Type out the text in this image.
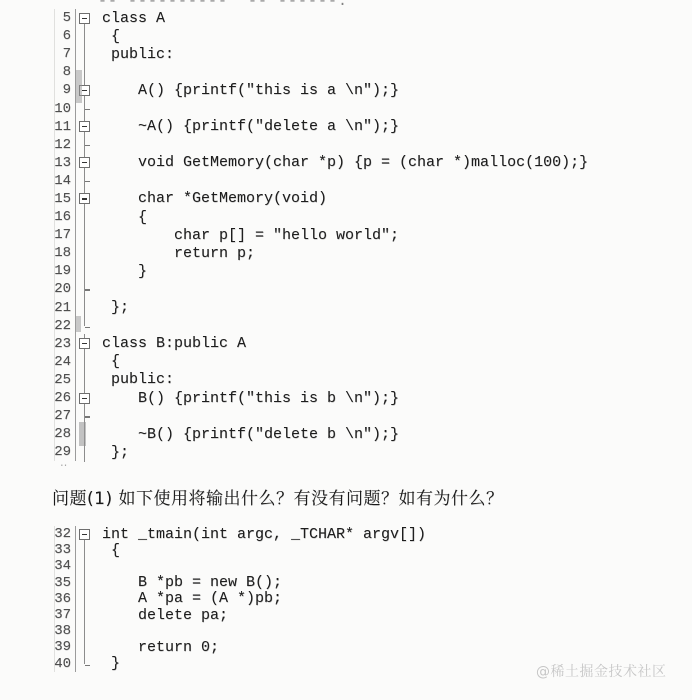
-- ----------  -- ------.
5	class A
6	{
7	public:
8
9	A() {printf("this is a \n");}
10
11	~A() {printf("delete a \n");}
12
13	void GetMemory(char *p) {p = (char *)malloc(100);}
14
15	char *GetMemory(void)
16	{
17	char p[] = "hello world";
18	return p;
19	}
20
21	};
22
23	class B:public A
24	{
25	public:
26	B() {printf("this is b \n");}
27
28	~B() {printf("delete b \n");}
29	};
‥
问题(1) 如下使用将输出什么？有没有问题？如有为什么？
32	int _tmain(int argc, _TCHAR* argv[])
33	{
34
35	B *pb = new B();
36	A *pa = (A *)pb;
37	delete pa;
38
39	return 0;
40	}	@稀土掘金技术社区
